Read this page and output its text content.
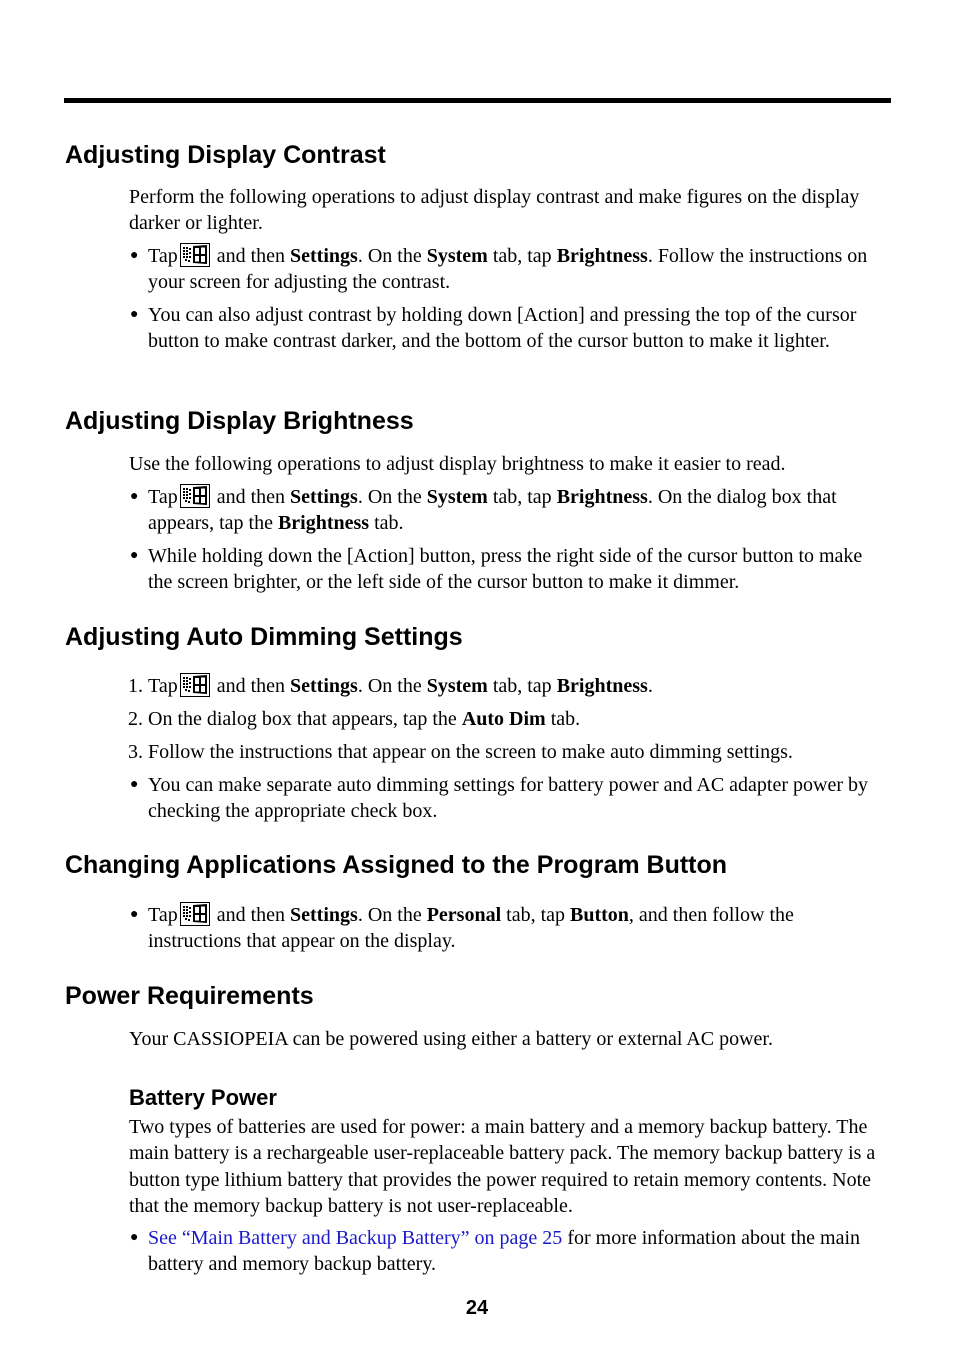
Adjusting Display Contrast

Perform the following operations to adjust display contrast and make figures on the display darker or lighter.

● Tap
and then Settings. On the System tab, tap Brightness. Follow the instructions on your screen for adjusting the contrast.
● You can also adjust contrast by holding down [Action] and pressing the top of the cursor button to make contrast darker, and the bottom of the cursor button to make it lighter.
Adjusting Display Brightness

Use the following operations to adjust display brightness to make it easier to read.

● Tap
and then Settings. On the System tab, tap Brightness. On the dialog box that appears, tap the Brightness tab.
● While holding down the [Action] button, press the right side of the cursor button to make the screen brighter, or the left side of the cursor button to make it dimmer.
Adjusting Auto Dimming Settings
1. Tap
and then Settings. On the System tab, tap Brightness.
2. On the dialog box that appears, tap the Auto Dim tab.
3. Follow the instructions that appear on the screen to make auto dimming settings.
● You can make separate auto dimming settings for battery power and AC adapter power by checking the appropriate check box.
Changing Applications Assigned to the Program Button
● Tap
and then Settings. On the Personal tab, tap Button, and then follow the instructions that appear on the display.
Power Requirements

Your CASSIOPEIA can be powered using either a battery or external AC power.

Battery Power

Two types of batteries are used for power: a main battery and a memory backup battery. The main battery is a rechargeable user-replaceable battery pack. The memory backup battery is a button type lithium battery that provides the power required to retain memory contents. Note that the memory backup battery is not user-replaceable.

● See “Main Battery and Backup Battery” on page 25 for more information about the main battery and memory backup battery.

24
